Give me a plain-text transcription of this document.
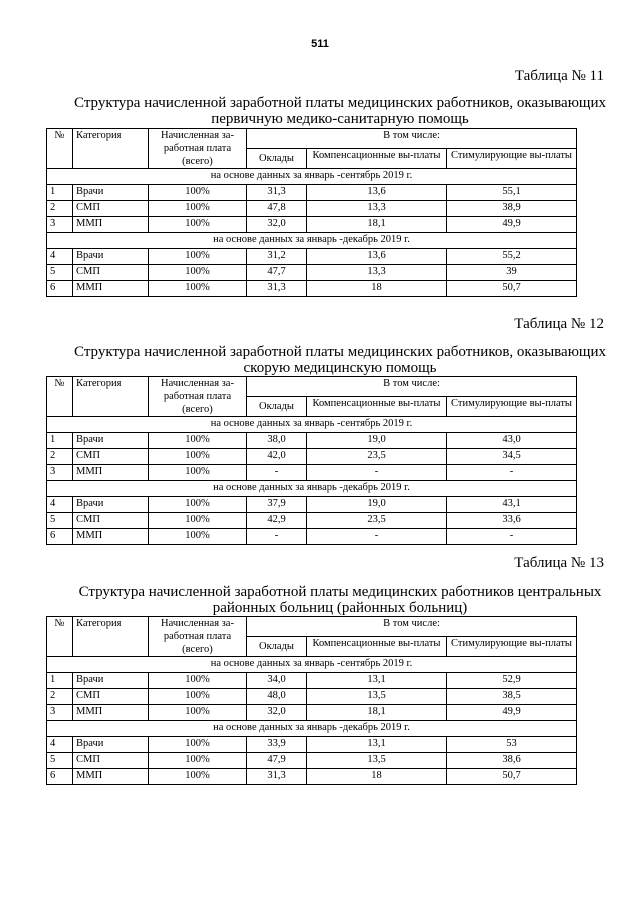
511
Таблица № 11
Структура начисленной заработной платы медицинских работников, оказывающих первичную медико-санитарную помощь
№	Категория	Начисленная за-работная плата (всего)	В том числе:		
			Оклады	Компенсационные вы-платы	Стимулирующие вы-платы
на основе данных за январь -сентябрь 2019 г.					
1	Врачи	100%	31,3	13,6	55,1
2	СМП	100%	47,8	13,3	38,9
3	ММП	100%	32,0	18,1	49,9
на основе данных за январь -декабрь 2019 г.					
4	Врачи	100%	31,2	13,6	55,2
5	СМП	100%	47,7	13,3	39
6	ММП	100%	31,3	18	50,7
Таблица № 12
Структура начисленной заработной платы медицинских работников, оказывающих скорую медицинскую помощь
№	Категория	Начисленная за-работная плата (всего)	В том числе:		
			Оклады	Компенсационные вы-платы	Стимулирующие вы-платы
на основе данных за январь -сентябрь 2019 г.					
1	Врачи	100%	38,0	19,0	43,0
2	СМП	100%	42,0	23,5	34,5
3	ММП	100%	-	-	-
на основе данных за январь -декабрь 2019 г.					
4	Врачи	100%	37,9	19,0	43,1
5	СМП	100%	42,9	23,5	33,6
6	ММП	100%	-	-	-
Таблица № 13
Структура начисленной заработной платы медицинских работников центральных районных больниц (районных больниц)
№	Категория	Начисленная за-работная плата (всего)	В том числе:		
			Оклады	Компенсационные вы-платы	Стимулирующие вы-платы
на основе данных за январь -сентябрь 2019 г.					
1	Врачи	100%	34,0	13,1	52,9
2	СМП	100%	48,0	13,5	38,5
3	ММП	100%	32,0	18,1	49,9
на основе данных за январь -декабрь 2019 г.					
4	Врачи	100%	33,9	13,1	53
5	СМП	100%	47,9	13,5	38,6
6	ММП	100%	31,3	18	50,7
